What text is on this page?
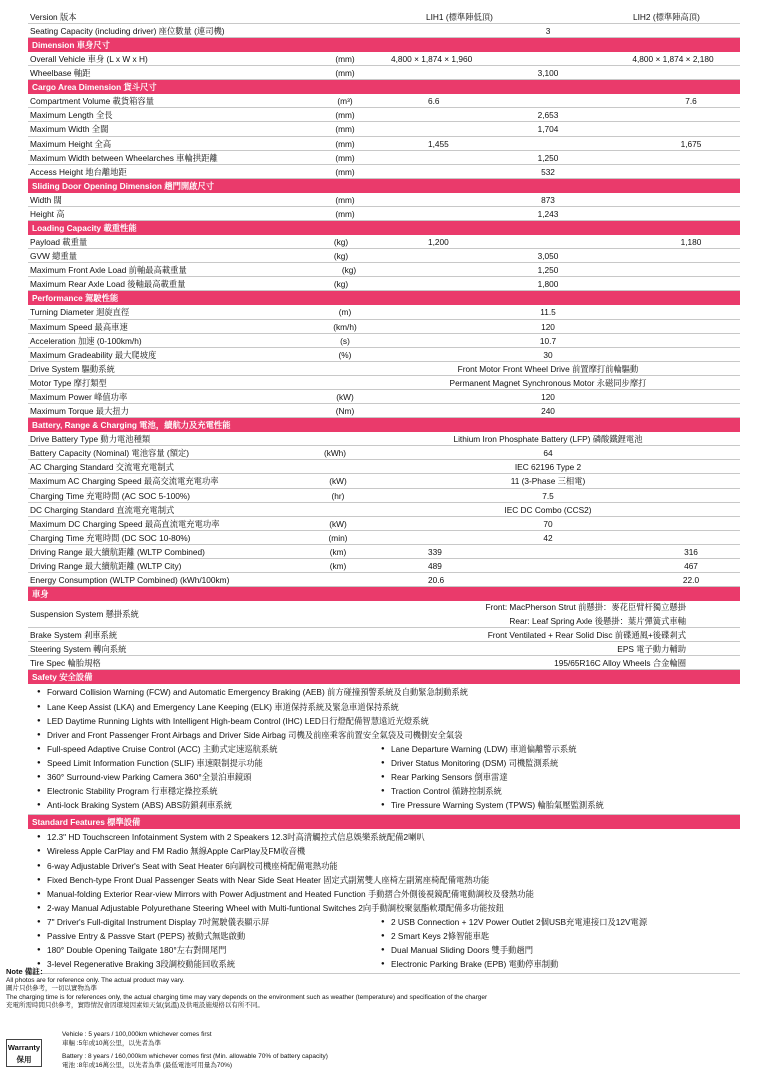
Version 版本	LIH1 (標準陣低頂)	LIH2 (標準陣高頂)
Seating Capacity (including driver) 座位數量 (連司機)	3
Dimension 車身尺寸
Overall Vehicle 車身 (L x W x H)	(mm)	4,800 × 1,874 × 1,960	4,800 × 1,874 × 2,180
Wheelbase 軸距	(mm)	3,100
Cargo Area Dimension 貨斗尺寸
Compartment Volume 載貨箱容量	(m³)	6.6	7.6
Maximum Length 全長	(mm)	2,653
Maximum Width 全闊	(mm)	1,704
Maximum Height 全高	(mm)	1,455	1,675
Maximum Width between Wheelarches 車輪拱距離	(mm)	1,250
Access Height 地台離地距	(mm)	532
Sliding Door Opening Dimension 趟門開啟尺寸
Width 闊	(mm)	873
Height 高	(mm)	1,243
Loading Capacity 載重性能
Payload 載重量	(kg)	1,200	1,180
GVW 總重量	(kg)	3,050
Maximum Front Axle Load 前軸最高載重量	(kg)	1,250
Maximum Rear Axle Load 後軸最高載重量	(kg)	1,800
Performance 駕駛性能
Turning Diameter 迴旋直徑	(m)	11.5
Maximum Speed 最高車速	(km/h)	120
Acceleration 加速 (0-100km/h)	(s)	10.7
Maximum Gradeability 最大爬坡度	(%)	30
Drive System 驅動系統	Front Motor Front Wheel Drive 前置摩打前輪驅動
Motor Type 摩打類型	Permanent Magnet Synchronous Motor 永磁同步摩打
Maximum Power 峰值功率	(kW)	120
Maximum Torque 最大扭力	(Nm)	240
Battery, Range & Charging 電池，續航力及充電性能
Drive Battery Type 動力電池種類	Lithium Iron Phosphate Battery (LFP) 磷酸鐵鋰電池
Battery Capacity (Nominal) 電池容量 (額定)	(kWh)	64
AC Charging Standard 交流電充電制式	IEC 62196 Type 2
Maximum AC Charging Speed 最高交流電充電功率	(kW)	11 (3-Phase 三相電)
Charging Time 充電時間 (AC SOC 5-100%)	(hr)	7.5
DC Charging Standard 直流電充電制式	IEC DC Combo (CCS2)
Maximum DC Charging Speed 最高直流電充電功率	(kW)	70
Charging Time 充電時間 (DC SOC 10-80%)	(min)	42
Driving Range 最大續航距離 (WLTP Combined)	(km)	339	316
Driving Range 最大續航距離 (WLTP City)	(km)	489	467
Energy Consumption (WLTP Combined) (kWh/100km)	20.6	22.0
車身
Suspension System 懸掛系統
Front: MacPherson Strut 前懸掛：麥花臣臂杆獨立懸掛
Rear: Leaf Spring Axle 後懸掛：葉片彈簧式車軸
Brake System 剎車系統	Front Ventilated + Rear Solid Disc 前碟通風+後碟剎式
Steering System 轉向系統	EPS 電子動力輔助
Tire Spec 輪胎規格	195/65R16C Alloy Wheels 合金輪圈
Safety 安全設備
● Forward Collision Warning (FCW) and Automatic Emergency Braking (AEB) 前方碰撞預警系統及自動緊急制動系統
● Lane Keep Assist (LKA) and Emergency Lane Keeping (ELK) 車道保持系統及緊急車道保持系統
● LED Daytime Running Lights with Intelligent High-beam Control (IHC) LED日行燈配備智慧遠近光燈系統
● Driver and Front Passenger Front Airbags and Driver Side Airbag 司機及前座乘客前置安全氣袋及司機側安全氣袋
● Full-speed Adaptive Cruise Control (ACC) 主動式定速巡航系統	● Lane Departure Warning (LDW) 車道偏離警示系統
● Speed Limit Information Function (SLIF) 車速限制提示功能	● Driver Status Monitoring (DSM) 司機監測系統
● 360° Surround-view Parking Camera 360°全景泊車鏡頭	● Rear Parking Sensors 倒車雷達
● Electronic Stability Program 行車穩定操控系統	● Traction Control 循跡控制系統
● Anti-lock Braking System (ABS) ABS防鎖剎車系統	● Tire Pressure Warning System (TPWS) 輪胎氣壓監測系統
Standard Features 標準設備
● 12.3" HD Touchscreen Infotainment System with 2 Speakers 12.3吋高清觸控式信息娛樂系統配備2喇叭
● Wireless Apple CarPlay and FM Radio 無線Apple CarPlay及FM收音機
● 6-way Adjustable Driver's Seat with Seat Heater 6向調校司機座椅配備電熱功能
● Fixed Bench-type Front Dual Passenger Seats with Near Side Seat Heater 固定式副駕雙人座椅左副駕座椅配備電熱功能
● Manual-folding Exterior Rear-view Mirrors with Power Adjustment and Heated Function 手動摺合外側後視鏡配備電動調校及發熱功能
● 2-way Manual Adjustable Polyurethane Steering Wheel with Multi-funtional Switches 2向手動調校聚氨酯軟環配備多功能按鈕
● 7" Driver's Full-digital Instrument Display 7吋駕駛儀表顯示屏	● 2 USB Connection + 12V Power Outlet 2個USB充電連接口及12V電源
● Passive Entry & Passve Start (PEPS) 被動式無匙啟動	● 2 Smart Keys 2條智能車匙
● 180° Double Opening Tailgate 180°左右對開尾門	● Dual Manual Sliding Doors 雙手動趟門
● 3-level Regenerative Braking 3段調校動能回收系統	● Electronic Parking Brake (EPB) 電動停車制動
Note 備註：
All photos are for reference only. The actual product may vary.
圖片只供參考，一切以實物為準
The charging time is for references only, the actual charging time may vary depends on the environment such as weather (temperature) and specification of the charger
充電所需時間只供參考，實際情況會因環境因素如天氣(氣溫)及供電設施規格以有所不同。
Warranty
保用
Vehicle : 5 years / 100,000km whichever comes first
車輛 :5年或10萬公里，以先者為準
Battery : 8 years / 160,000km whichever comes first (Min. allowable 70% of battery capacity)
電池 :8年或16萬公里，以先者為準 (最低電池可用量為70%)
